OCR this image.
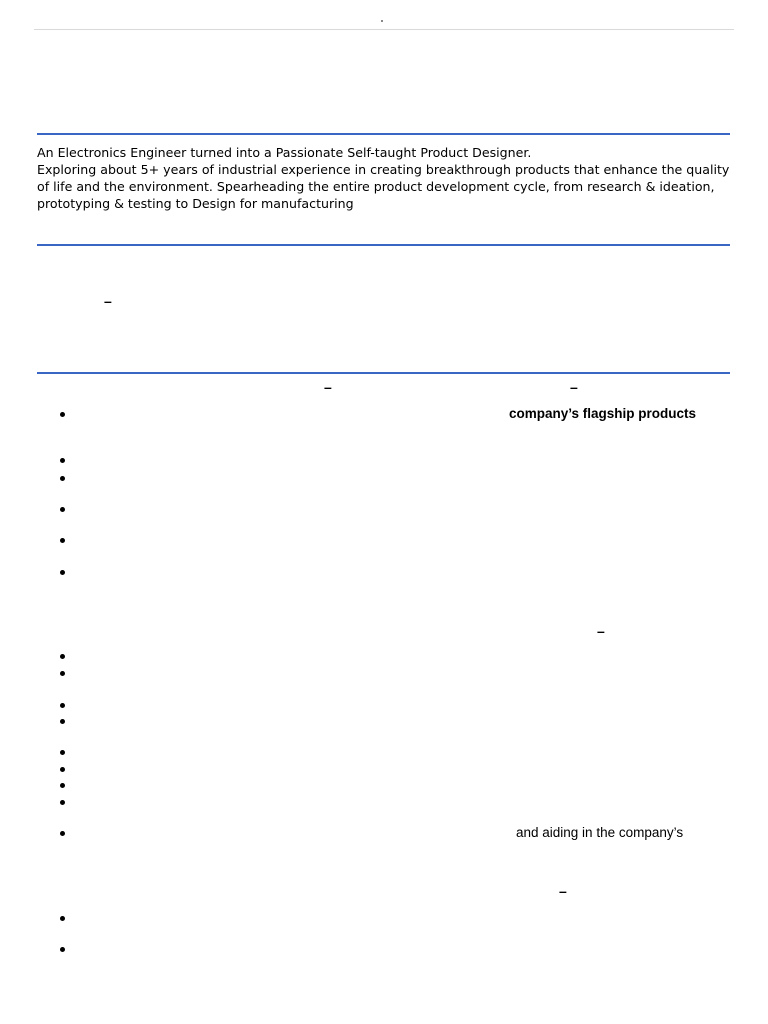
An Electronics Engineer turned into a Passionate Self-taught Product Designer.

Exploring about 5+ years of industrial experience in creating breakthrough products that enhance the quality of life and the environment. Spearheading the entire product development cycle, from research & ideation, prototyping & testing to Design for manufacturing

–
–	–
company’s flagship products
–
and aiding in the company’s
–
